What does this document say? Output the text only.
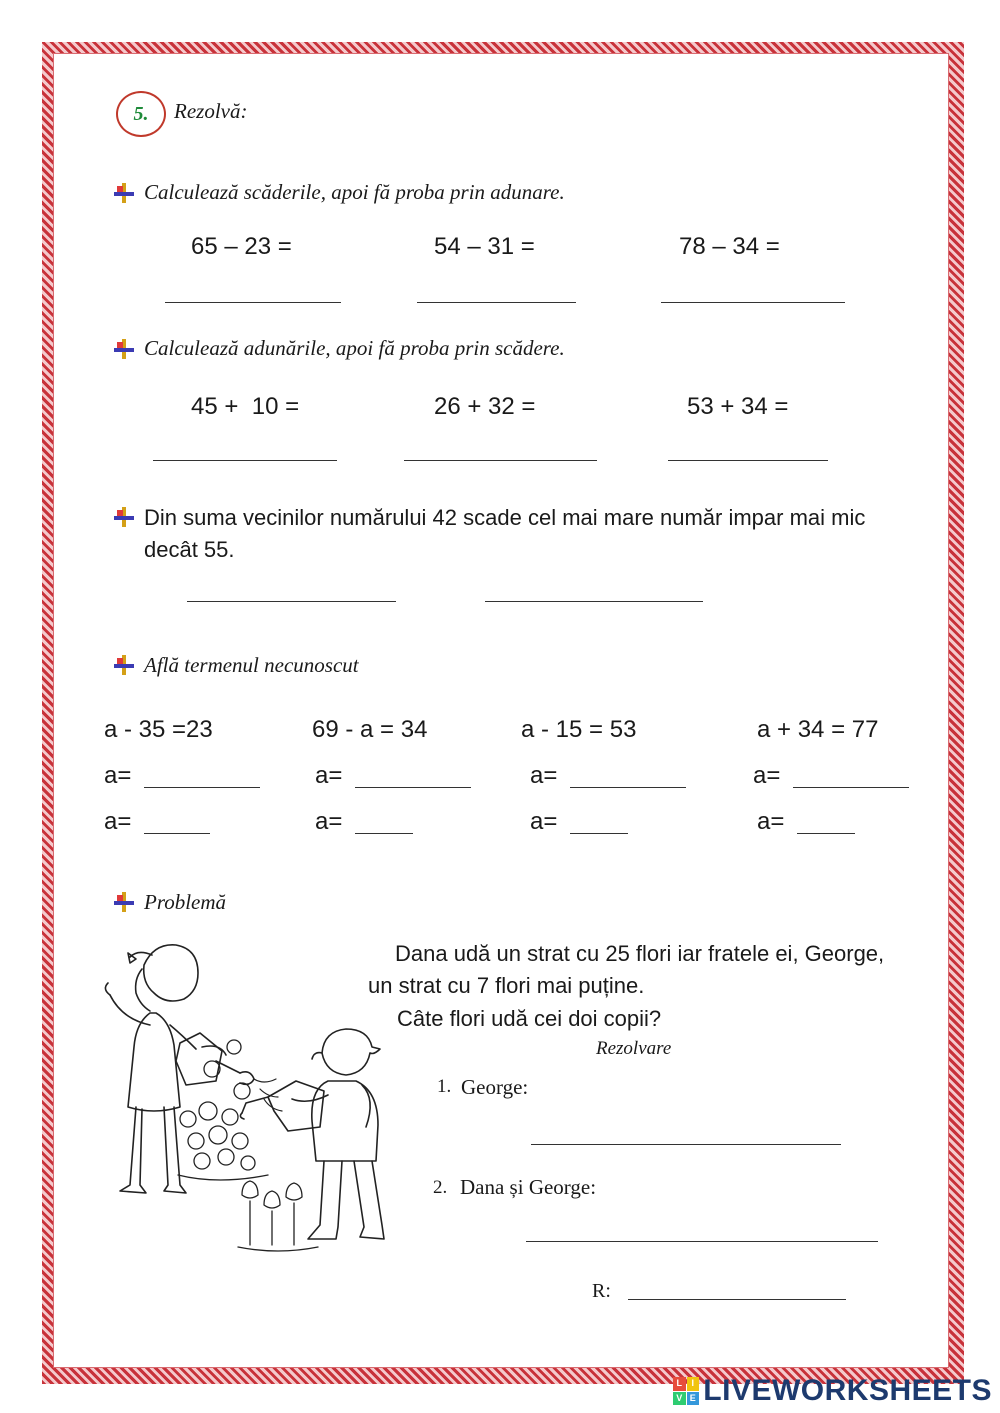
5.	Rezolvă:
Calculează scăderile, apoi fă proba prin adunare.
65 – 23 =	54 – 31 =	78 – 34 =
Calculează adunările, apoi fă proba prin scădere.
45 +  10 =	26 + 32 =	53 + 34 =
Din suma vecinilor numărului 42 scade cel mai mare număr impar mai mic
decât 55.
Află termenul necunoscut
a - 35 =23	69 - a = 34	a - 15 = 53	a + 34 = 77
a=	a=	a=	a=
a=	a=	a=	a=
Problemă
Dana udă un strat cu 25 flori iar fratele ei, George,
un strat cu 7 flori mai puține.
Câte flori udă cei doi copii?
Rezolvare
1. George:
2. Dana și George:
R:
L I
V E LIVEWORKSHEETS
